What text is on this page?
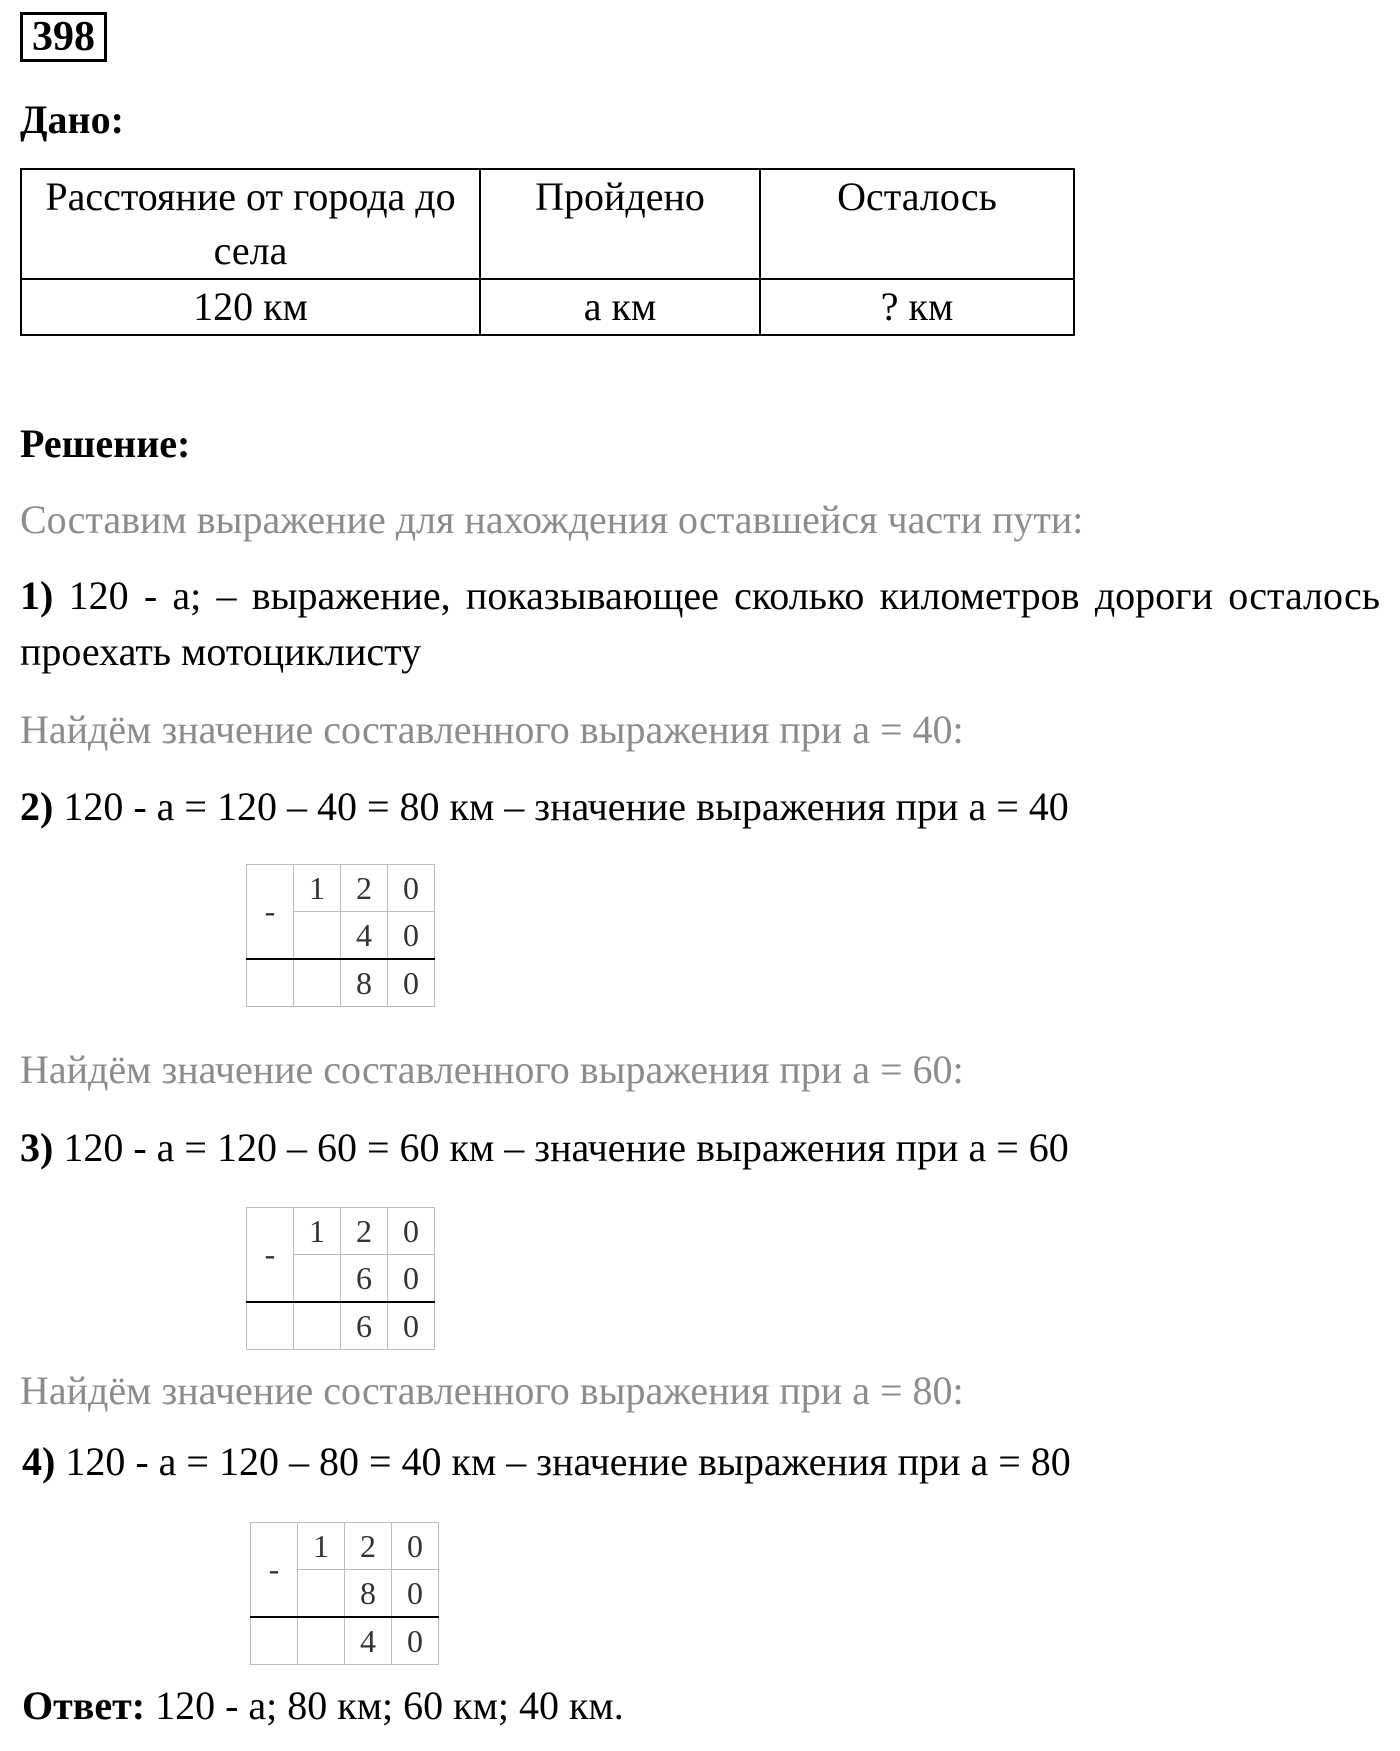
398
Дано:
Расстояние от города до села	Пройдено	Осталось
120 км	а км	? км
Решение:
Составим выражение для нахождения оставшейся части пути:
1) 120 - а; – выражение, показывающее сколько километров дороги осталось проехать мотоциклисту
Найдём значение составленного выражения при а = 40:
2) 120 - а = 120 – 40 = 80 км – значение выражения при а = 40
-	1	2	0
		4	0
		8	0
Найдём значение составленного выражения при а = 60:
3) 120 - а = 120 – 60 = 60 км – значение выражения при а = 60
-	1	2	0
		6	0
		6	0
Найдём значение составленного выражения при а = 80:
4) 120 - а = 120 – 80 = 40 км – значение выражения при а = 80
-	1	2	0
		8	0
		4	0
Ответ: 120 - а; 80 км; 60 км; 40 км.
